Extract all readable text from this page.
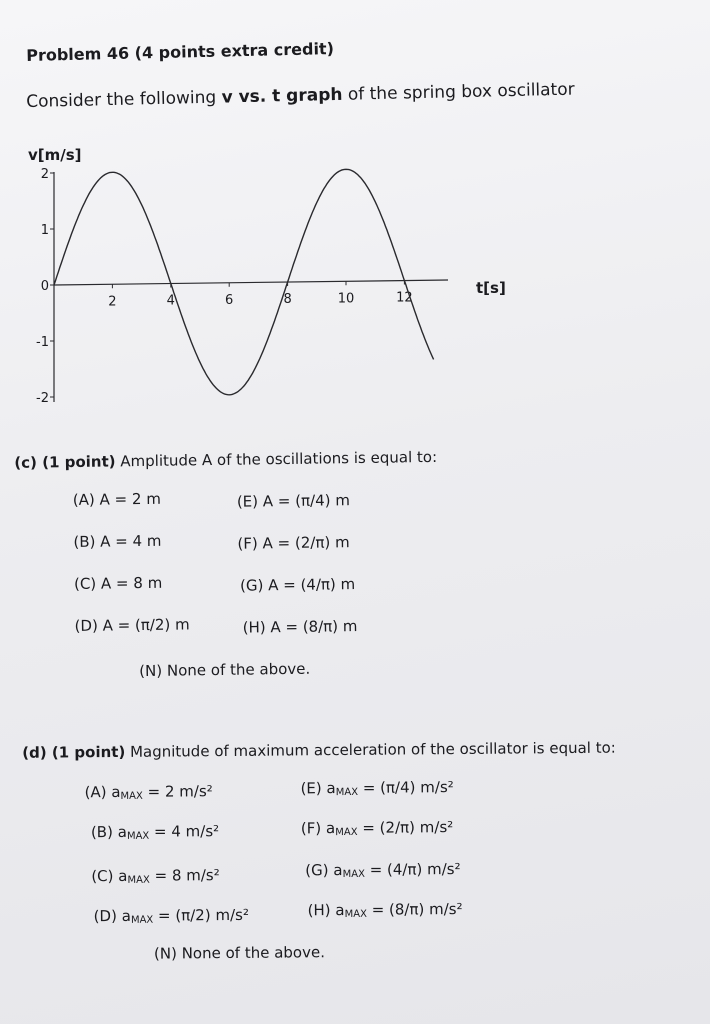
Problem 46 (4 points extra credit)
Consider the following v vs. t graph of the spring box oscillator
v[m/s]
t[s]
2
1
0
-1
-2
2	4	6	8	10	12
(c) (1 point) Amplitude A of the oscillations is equal to:
(A) A = 2 m	(E) A = (π/4) m
(B) A = 4 m	(F) A = (2/π) m
(C) A = 8 m	(G) A = (4/π) m
(D) A = (π/2) m	(H) A = (8/π) m
(N) None of the above.
(d) (1 point) Magnitude of maximum acceleration of the oscillator is equal to:
(A) $a_{MAX} = 2$ m/s²	(E) $a_{MAX} = (\pi/4)$ m/s²
(B) $a_{MAX} = 4$ m/s²	(F) $a_{MAX} = (2/\pi)$ m/s²
(C) $a_{MAX} = 8$ m/s²	(G) $a_{MAX} = (4/\pi)$ m/s²
(D) $a_{MAX} = (\pi/2)$ m/s²	(H) $a_{MAX} = (8/\pi)$ m/s²
(N) None of the above.
